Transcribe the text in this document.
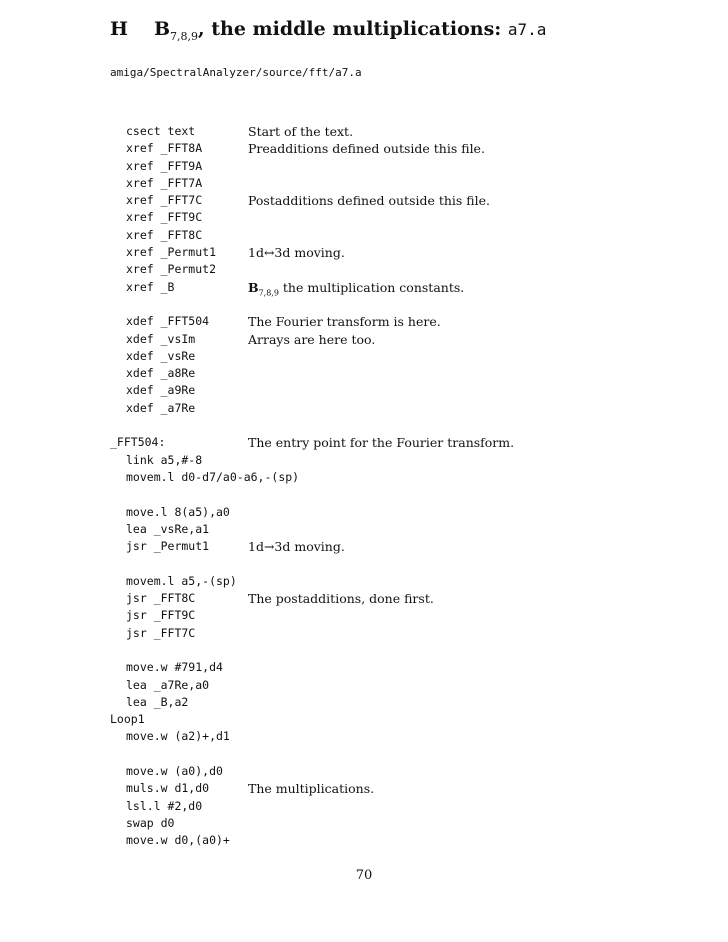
H $B_{7,8,9}$, the middle multiplications: a7.a
amiga/SpectralAnalyzer/source/fft/a7.a
csect text	Start of the text.
xref _FFT8A	Preadditions defined outside this file.
xref _FFT9A
xref _FFT7A
xref _FFT7C	Postadditions defined outside this file.
xref _FFT9C
xref _FFT8C
xref _Permut1	1d↔3d moving.
xref _Permut2
xref _B	$B_{7,8,9}$ the multiplication constants.
xdef _FFT504	The Fourier transform is here.
xdef _vsIm	Arrays are here too.
xdef _vsRe
xdef _a8Re
xdef _a9Re
xdef _a7Re
_FFT504:	The entry point for the Fourier transform.
link a5,#-8
movem.l d0-d7/a0-a6,-(sp)
move.l 8(a5),a0
lea _vsRe,a1
jsr _Permut1	1d→3d moving.
movem.l a5,-(sp)
jsr _FFT8C	The postadditions, done first.
jsr _FFT9C
jsr _FFT7C
move.w #791,d4
lea _a7Re,a0
lea _B,a2
Loop1
move.w (a2)+,d1
move.w (a0),d0
muls.w d1,d0	The multiplications.
lsl.l #2,d0
swap d0
move.w d0,(a0)+
70
